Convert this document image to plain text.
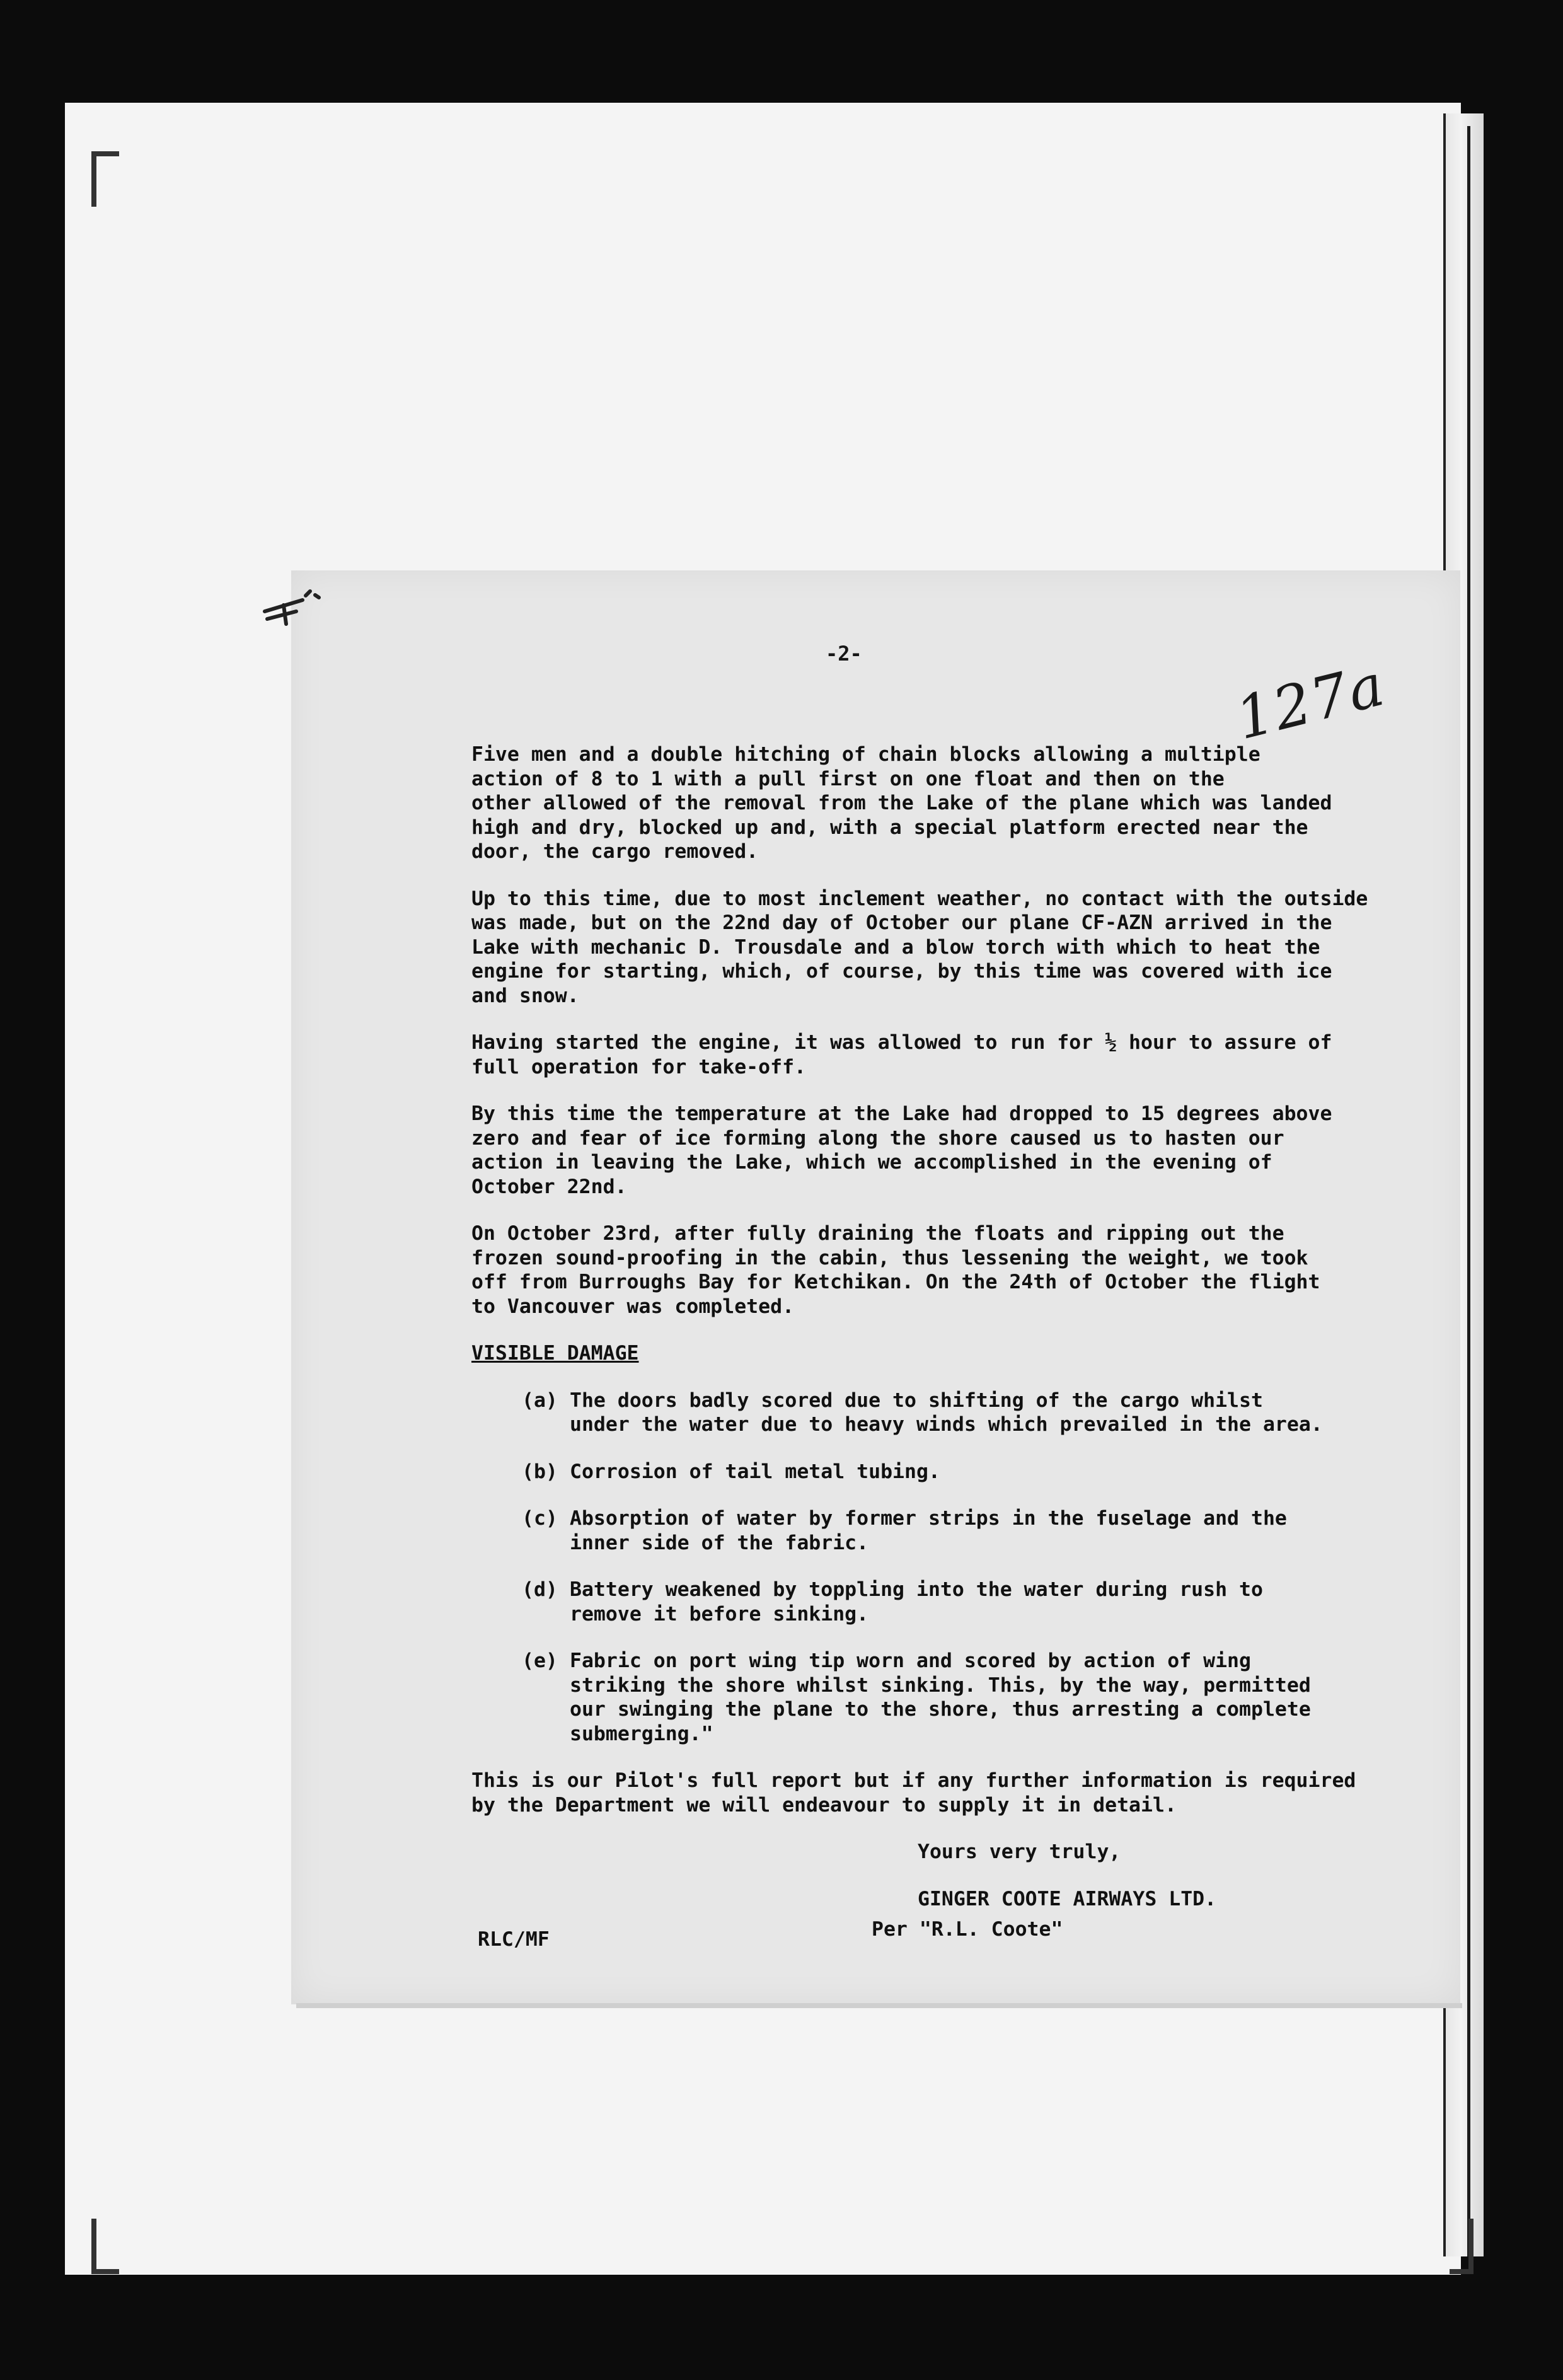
-2-	127a
Five men and a double hitching of chain blocks allowing a multiple
action of 8 to 1 with a pull first on one float and then on the
other allowed of the removal from the Lake of the plane which was landed
high and dry, blocked up and, with a special platform erected near the
door, the cargo removed.
Up to this time, due to most inclement weather, no contact with the outside
was made, but on the 22nd day of October our plane CF-AZN arrived in the
Lake with mechanic D. Trousdale and a blow torch with which to heat the
engine for starting, which, of course, by this time was covered with ice
and snow.
Having started the engine, it was allowed to run for ½ hour to assure of
full operation for take-off.
By this time the temperature at the Lake had dropped to 15 degrees above
zero and fear of ice forming along the shore caused us to hasten our
action in leaving the Lake, which we accomplished in the evening of
October 22nd.
On October 23rd, after fully draining the floats and ripping out the
frozen sound-proofing in the cabin, thus lessening the weight, we took
off from Burroughs Bay for Ketchikan. On the 24th of October the flight
to Vancouver was completed.
VISIBLE DAMAGE
(a) The doors badly scored due to shifting of the cargo whilst
under the water due to heavy winds which prevailed in the area.
(b) Corrosion of tail metal tubing.
(c) Absorption of water by former strips in the fuselage and the
inner side of the fabric.
(d) Battery weakened by toppling into the water during rush to
remove it before sinking.
(e) Fabric on port wing tip worn and scored by action of wing
striking the shore whilst sinking. This, by the way, permitted
our swinging the plane to the shore, thus arresting a complete
submerging."
This is our Pilot's full report but if any further information is required
by the Department we will endeavour to supply it in detail.
Yours very truly,
GINGER COOTE AIRWAYS LTD.
RLC/MF	Per "R.L. Coote"
